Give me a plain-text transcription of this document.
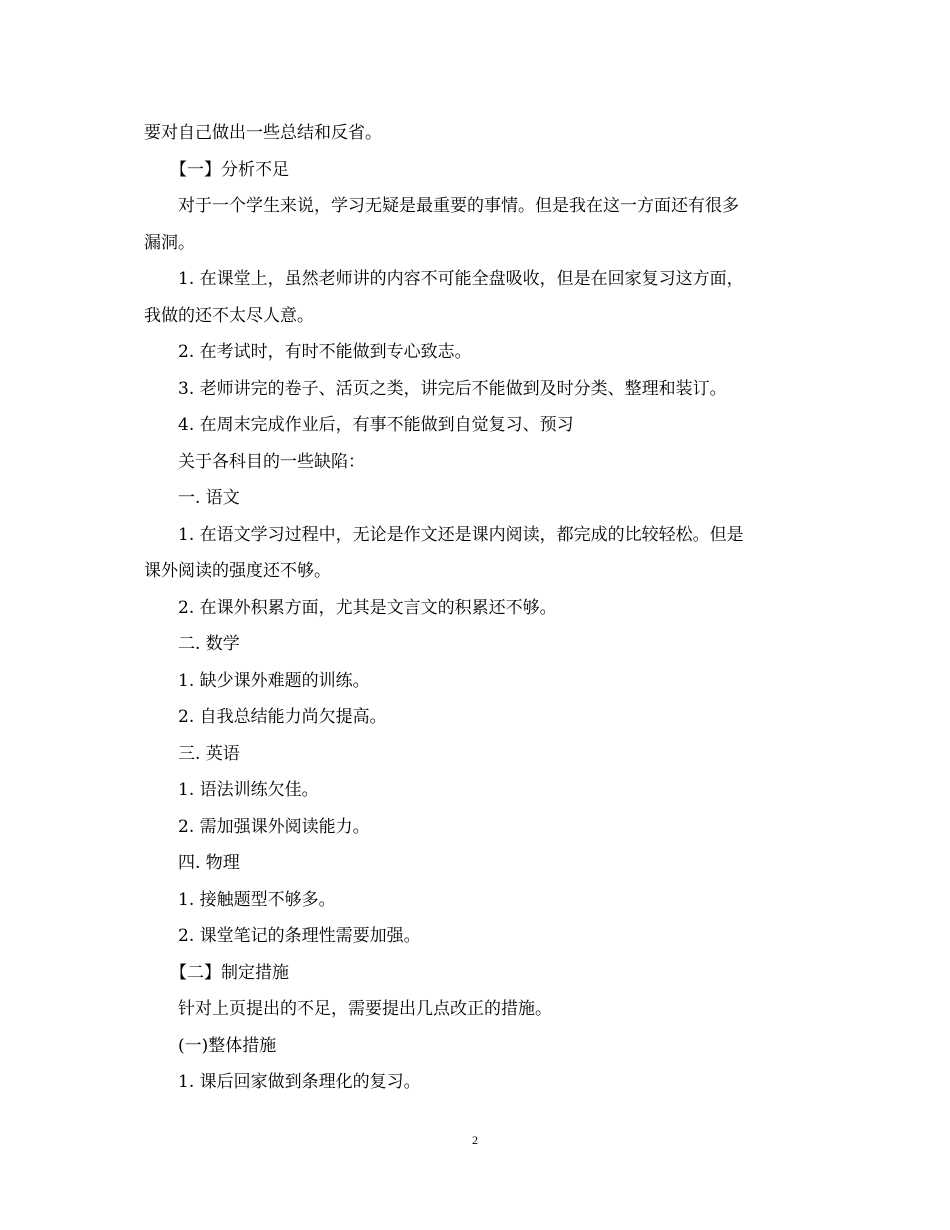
要对自己做出一些总结和反省。
【一】分析不足
对于一个学生来说，学习无疑是最重要的事情。但是我在这一方面还有很多
漏洞。
1. 在课堂上，虽然老师讲的内容不可能全盘吸收，但是在回家复习这方面，
我做的还不太尽人意。
2. 在考试时，有时不能做到专心致志。
3. 老师讲完的卷子、活页之类，讲完后不能做到及时分类、整理和装订。
4. 在周末完成作业后，有事不能做到自觉复习、预习
关于各科目的一些缺陷：
一. 语文
1. 在语文学习过程中，无论是作文还是课内阅读，都完成的比较轻松。但是
课外阅读的强度还不够。
2. 在课外积累方面，尤其是文言文的积累还不够。
二. 数学
1. 缺少课外难题的训练。
2. 自我总结能力尚欠提高。
三. 英语
1. 语法训练欠佳。
2. 需加强课外阅读能力。
四. 物理
1. 接触题型不够多。
2. 课堂笔记的条理性需要加强。
【二】制定措施
针对上页提出的不足，需要提出几点改正的措施。
(一)整体措施
1. 课后回家做到条理化的复习。
2
